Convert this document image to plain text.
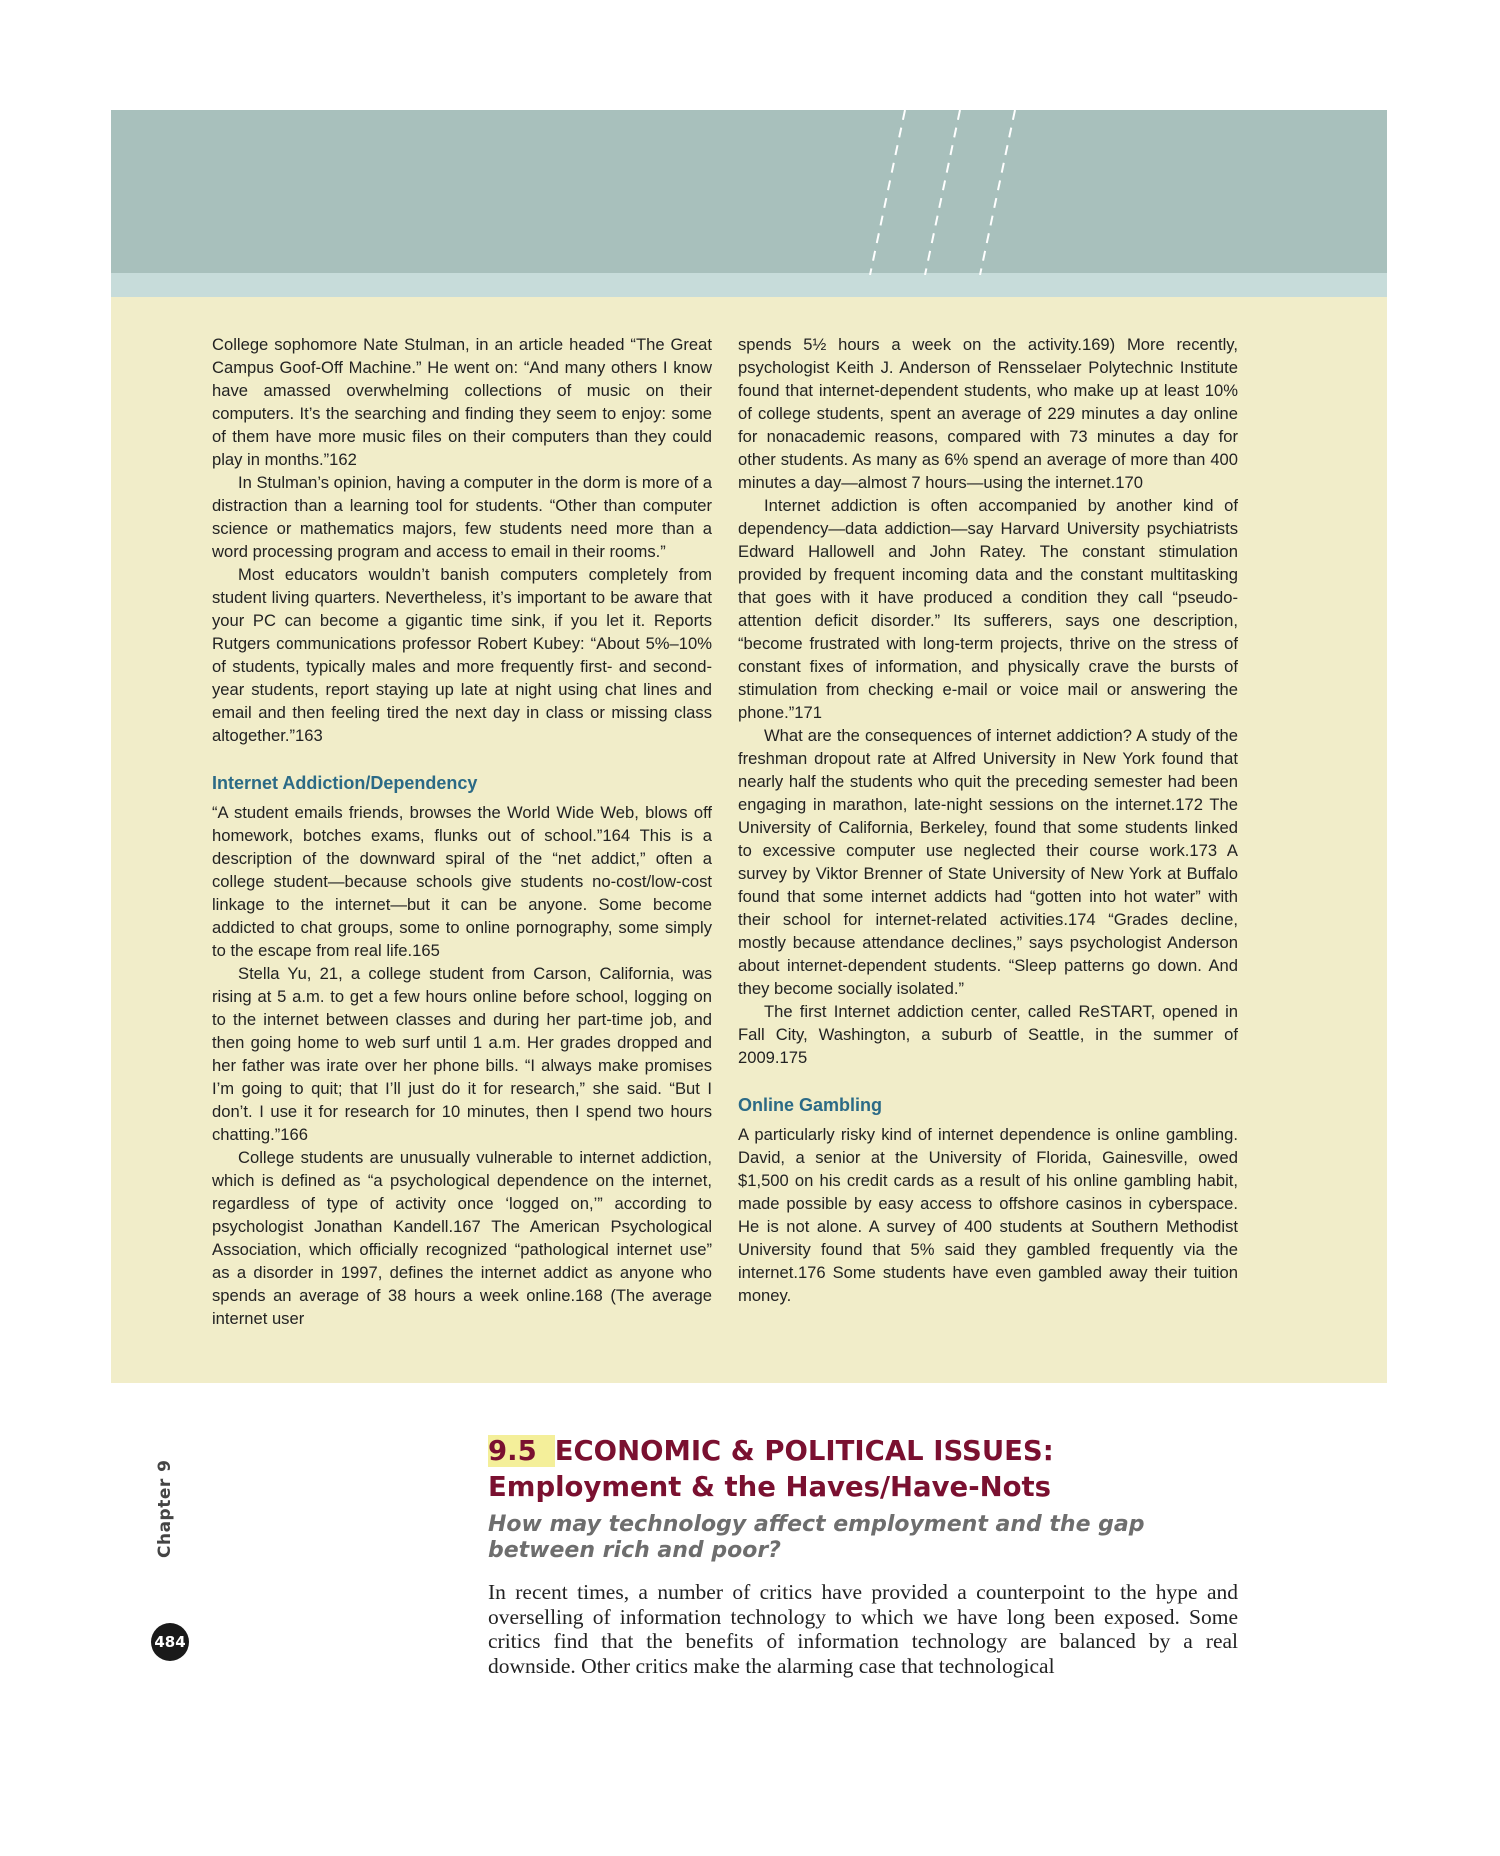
College sophomore Nate Stulman, in an article headed “The Great Campus Goof-Off Machine.” He went on: “And many others I know have amassed overwhelming collections of music on their computers. It’s the searching and finding they seem to enjoy: some of them have more music files on their computers than they could play in months.”162

In Stulman’s opinion, having a computer in the dorm is more of a distraction than a learning tool for students. “Other than computer science or mathematics majors, few students need more than a word processing program and access to email in their rooms.”

Most educators wouldn’t banish computers completely from student living quarters. Nevertheless, it’s important to be aware that your PC can become a gigantic time sink, if you let it. Reports Rutgers communications professor Robert Kubey: “About 5%–10% of students, typically males and more frequently first- and second-year students, report staying up late at night using chat lines and email and then feeling tired the next day in class or missing class altogether.”163

Internet Addiction/Dependency

“A student emails friends, browses the World Wide Web, blows off homework, botches exams, flunks out of school.”164 This is a description of the downward spiral of the “net addict,” often a college student—because schools give students no-cost/low-cost linkage to the internet—but it can be anyone. Some become addicted to chat groups, some to online pornography, some simply to the escape from real life.165

Stella Yu, 21, a college student from Carson, California, was rising at 5 a.m. to get a few hours online before school, logging on to the internet between classes and during her part-time job, and then going home to web surf until 1 a.m. Her grades dropped and her father was irate over her phone bills. “I always make promises I’m going to quit; that I’ll just do it for research,” she said. “But I don’t. I use it for research for 10 minutes, then I spend two hours chatting.”166

College students are unusually vulnerable to internet addiction, which is defined as “a psychological dependence on the internet, regardless of type of activity once ‘logged on,’” according to psychologist Jonathan Kandell.167 The American Psychological Association, which officially recognized “pathological internet use” as a disorder in 1997, defines the internet addict as anyone who spends an average of 38 hours a week online.168 (The average internet user

spends 5½ hours a week on the activity.169) More recently, psychologist Keith J. Anderson of Rensselaer Polytechnic Institute found that internet-dependent students, who make up at least 10% of college students, spent an average of 229 minutes a day online for nonacademic reasons, compared with 73 minutes a day for other students. As many as 6% spend an average of more than 400 minutes a day—almost 7 hours—using the internet.170

Internet addiction is often accompanied by another kind of dependency—data addiction—say Harvard University psychiatrists Edward Hallowell and John Ratey. The constant stimulation provided by frequent incoming data and the constant multitasking that goes with it have produced a condition they call “pseudo-attention deficit disorder.” Its sufferers, says one description, “become frustrated with long-term projects, thrive on the stress of constant fixes of information, and physically crave the bursts of stimulation from checking e-mail or voice mail or answering the phone.”171

What are the consequences of internet addiction? A study of the freshman dropout rate at Alfred University in New York found that nearly half the students who quit the preceding semester had been engaging in marathon, late-night sessions on the internet.172 The University of California, Berkeley, found that some students linked to excessive computer use neglected their course work.173 A survey by Viktor Brenner of State University of New York at Buffalo found that some internet addicts had “gotten into hot water” with their school for internet-related activities.174 “Grades decline, mostly because attendance declines,” says psychologist Anderson about internet-dependent students. “Sleep patterns go down. And they become socially isolated.”

The first Internet addiction center, called ReSTART, opened in Fall City, Washington, a suburb of Seattle, in the summer of 2009.175

Online Gambling

A particularly risky kind of internet dependence is online gambling. David, a senior at the University of Florida, Gainesville, owed $1,500 on his credit cards as a result of his online gambling habit, made possible by easy access to offshore casinos in cyberspace. He is not alone. A survey of 400 students at Southern Methodist University found that 5% said they gambled frequently via the internet.176 Some students have even gambled away their tuition money.

9.5 ECONOMIC & POLITICAL ISSUES:
Employment & the Haves/Have-Nots
How may technology affect employment and the gap between rich and poor?
In recent times, a number of critics have provided a counterpoint to the hype and overselling of information technology to which we have long been exposed. Some critics find that the benefits of information technology are balanced by a real downside. Other critics make the alarming case that technological
Chapter 9
484
